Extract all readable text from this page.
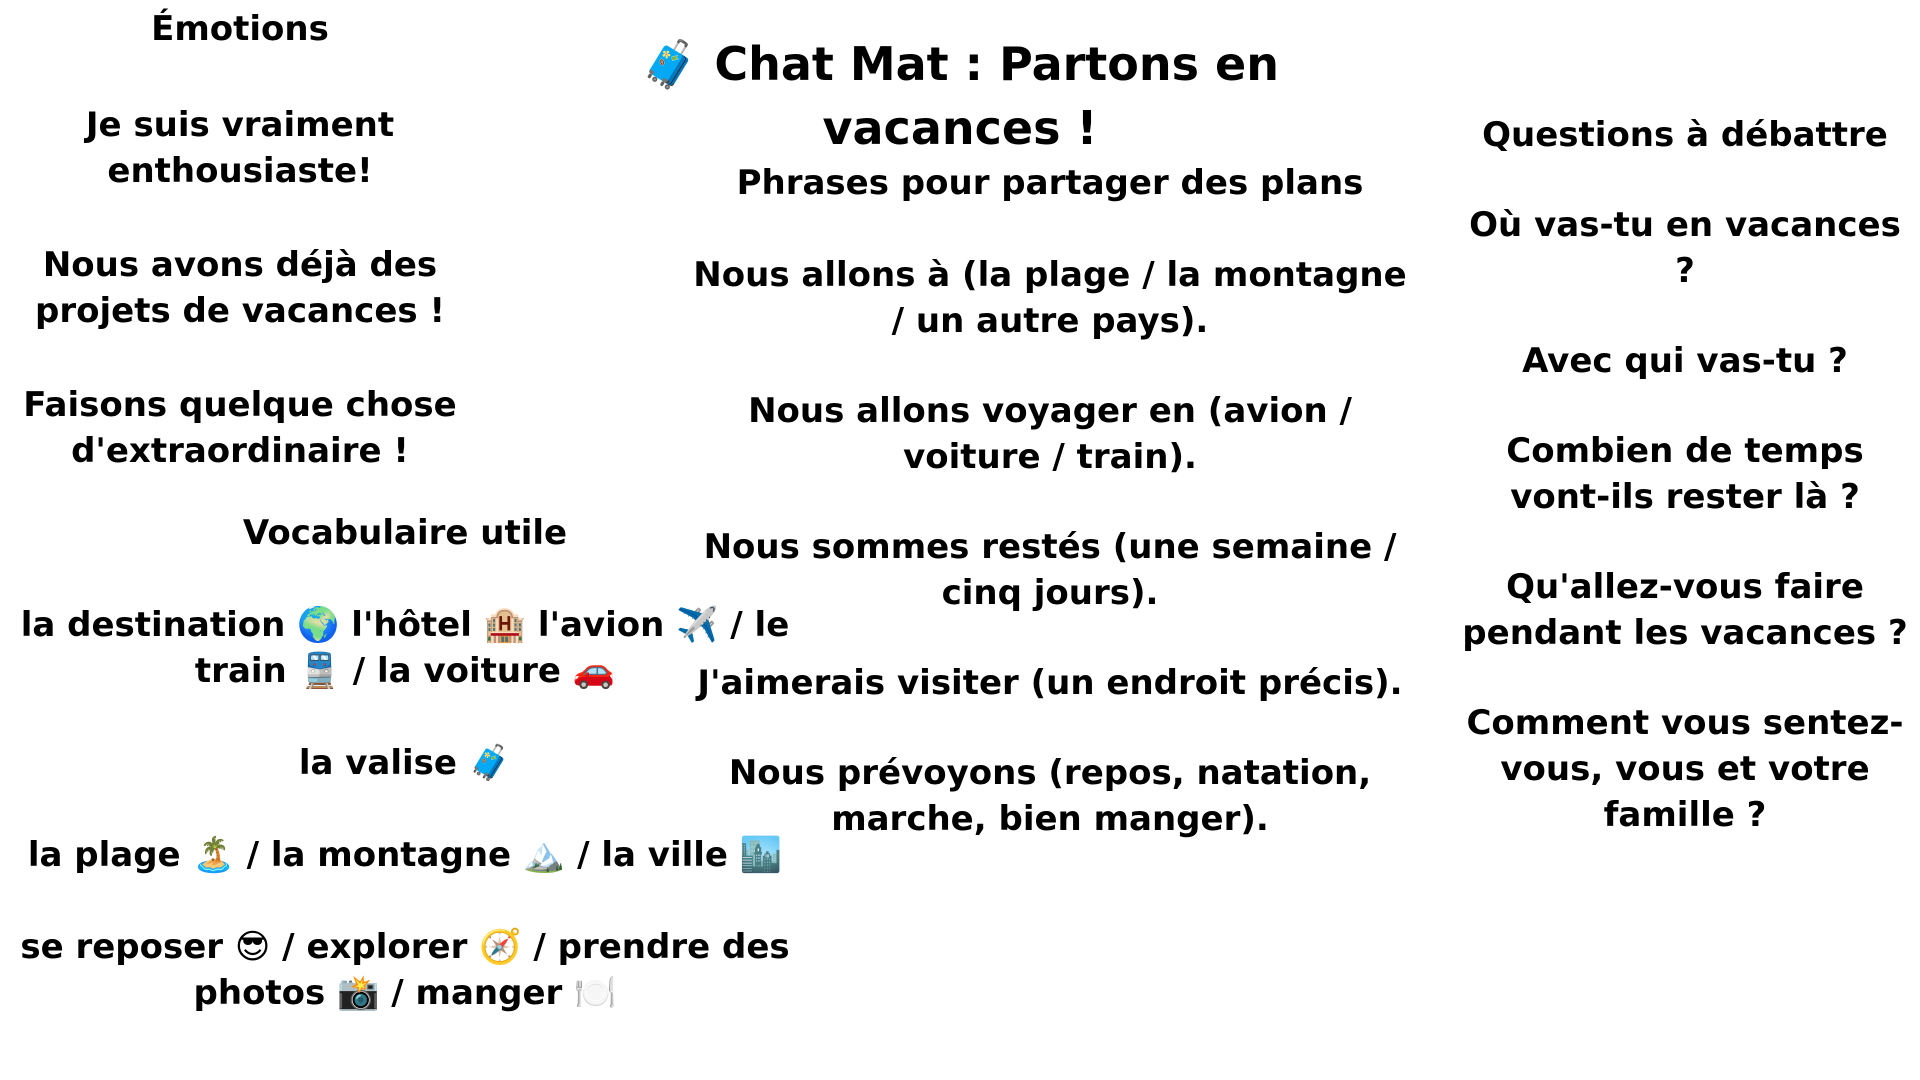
🧳 Chat Mat : Partons en vacances !

Émotions

Je suis vraiment enthousiaste!

Nous avons déjà des projets de vacances !

Faisons quelque chose d'extraordinaire !

Vocabulaire utile

la destination 🌍 l'hôtel 🏨 l'avion ✈️ / le train 🚆 / la voiture 🚗

la valise 🧳

la plage 🏝️ / la montagne 🏔️ / la ville 🏙️

se reposer 😎 / explorer 🧭 / prendre des photos 📸 / manger 🍽️

Phrases pour partager des plans

Nous allons à (la plage / la montagne / un autre pays).

Nous allons voyager en (avion / voiture / train).

Nous sommes restés (une semaine / cinq jours).

J'aimerais visiter (un endroit précis).

Nous prévoyons (repos, natation, marche, bien manger).

Questions à débattre

Où vas-tu en vacances ?

Avec qui vas-tu ?

Combien de temps vont-ils rester là ?

Qu'allez-vous faire pendant les vacances ?

Comment vous sentez-vous, vous et votre famille ?
